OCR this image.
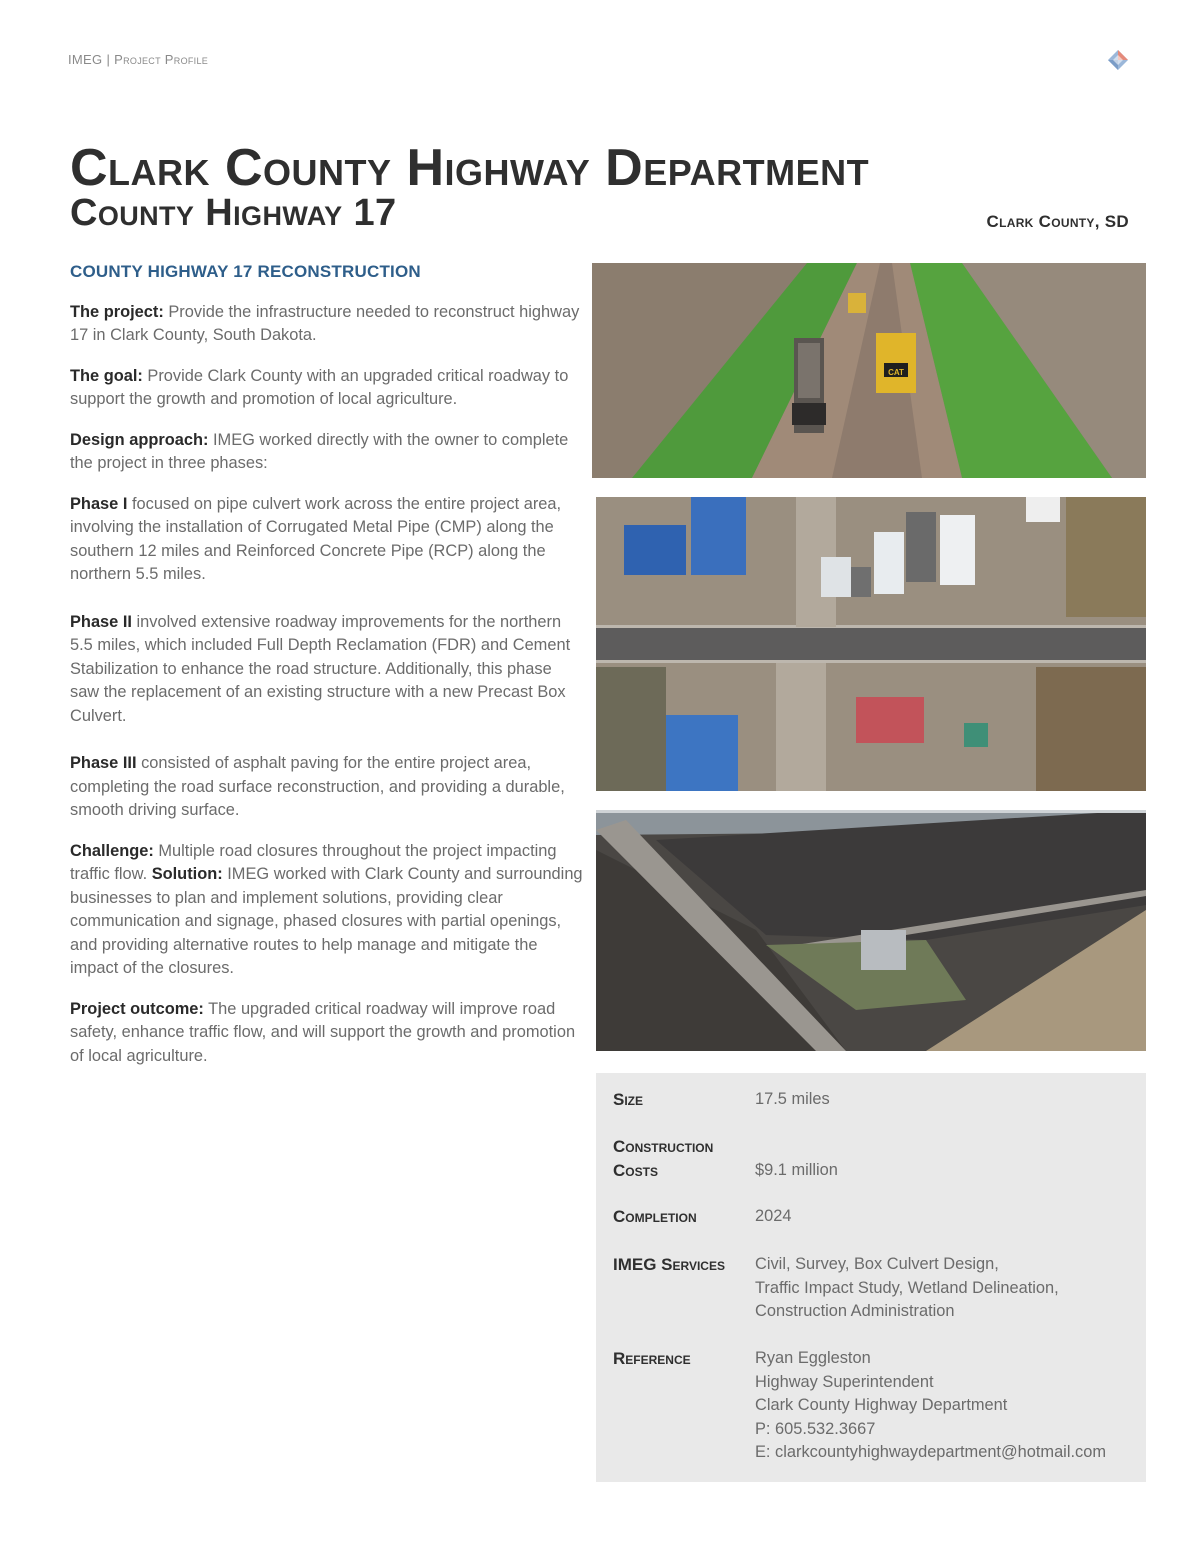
IMEG | Project Profile
Clark County Highway Department
County Highway 17	Clark County, SD
COUNTY HIGHWAY 17 RECONSTRUCTION

The project: Provide the infrastructure needed to reconstruct highway 17 in Clark County, South Dakota.

The goal: Provide Clark County with an upgraded critical roadway to support the growth and promotion of local agriculture.

Design approach: IMEG worked directly with the owner to complete the project in three phases:

Phase I focused on pipe culvert work across the entire project area, involving the installation of Corrugated Metal Pipe (CMP) along the southern 12 miles and Reinforced Concrete Pipe (RCP) along the northern 5.5 miles.

Phase II involved extensive roadway improvements for the northern 5.5 miles, which included Full Depth Reclamation (FDR) and Cement Stabilization to enhance the road structure. Additionally, this phase saw the replacement of an existing structure with a new Precast Box Culvert.

Phase III consisted of asphalt paving for the entire project area, completing the road surface reconstruction, and providing a durable, smooth driving surface.

Challenge: Multiple road closures throughout the project impacting traffic flow. Solution: IMEG worked with Clark County and surrounding businesses to plan and implement solutions, providing clear communication and signage, phased closures with partial openings, and providing alternative routes to help manage and mitigate the impact of the closures.

Project outcome: The upgraded critical roadway will improve road safety, enhance traffic flow, and will support the growth and promotion of local agriculture.

CAT
Size	17.5 miles
Construction
Costs	$9.1 million
Completion	2024
IMEG Services	Civil, Survey, Box Culvert Design,
Traffic Impact Study, Wetland Delineation,
Construction Administration
Reference	Ryan Eggleston
Highway Superintendent
Clark County Highway Department
P: 605.532.3667
E: clarkcountyhighwaydepartment@hotmail.com
